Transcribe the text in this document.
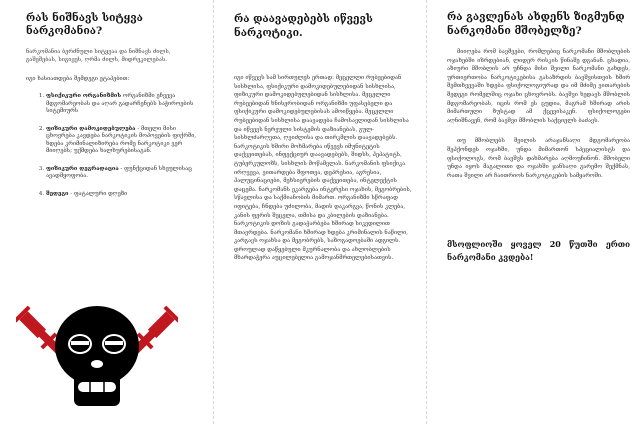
რას ნიშნავს სიტყვა ნარკომანია?

ნარკომანია ბერძნული სიტყვაა და ნიშნავს ძილს, გაშეშებას, სიგიჟეს, ღრმა ძილს, მიდრეკილებას.

იგი ხასიათდება შემდეგი ეტაპებით:

1. ფსიქიკური ორგანიზმის ორგანიზმი ეჩვევა მდგომარეობას და აღარ გადარჩენებს საჭიროების სიტემიურს
2. ფიზიკური დამოკიდებულება - მთელი მისი ცხოვრება კავდება ნარკოტიკის მოპოვების ფიქრში, ხდება კრიმინალიზირება რომე ნარკოტიკი ვერ მიიღებს; უქმდება ხალხურებისაგან.
3. ფიზიკური დეგრადაცია - ფუნქციდან სხეულისაც ავადმყოფობა.
4. შედეგი - ფატალური დღეზი
რა დაავადებებს იწვევს ნარკოტიკი.

იგი იწვევს სამ სირთულეს ერთად: მეცელლი რუბეებიდან სისხლისა, ფსიქიკური დამოკიდებულებიდან სისხლისა, ფიზიკური დამოკიდებულებიდან სისხლისა. მეცელლი რუბეებიდან ხნისერობიდან ორგანიზმი უფასებელი და ფსიქიკური დამოკიდებულებისას ამოიწყება. მეცელლი რუბეებიდან სისხლისა დაავადება ჩამოსავლიდან სისხლისა და იწვევს ნერვული სისტემის დაზიანებას, გულ-სისხლძარღვთა, ღვიძლისა და თირკმლის დაავადებებს. ნარკოტიკის ხშირი მოხმარება იწვევს იმუნიტეტის დაქვეითებას, ინფექციურ დაავადებებს, შიდსს, ჰეპატიტს, ტუბერკულოზს, სისხლის მოწამვლას. ნარკომანის ფსიქიკა ირღვევა, ვითარდება შფოთვა, დეპრესია, აგრესია, ჰალუცინაციები, მეხსიერების დაქვეითება, ინტელექტის დაცემა. ნარკომანს ეკარგება ინტერესი ოჯახის, მეგობრების, სწავლისა და საქმიანობის მიმართ. ორგანიზმი სწრაფად იფიტება, ჩნდება უძილობა, მადის დაკარგვა, წონის კლება, კანის ფერის შეცვლა, თმისა და კბილების დაზიანება. ნარკოტიკის დოზის გადაჭარბება ხშირად სიკვდილით მთავრდება. ნარკომანი ხშირად ხდება კრიმინალის ნაწილი, კარგავს ოჯახსა და მეგობრებს, საზოგადოებაში ადგილს. დროულად დაწყებული მკურნალობა და ახლობლების მხარდაჭერა აუცილებელია გამოჯანმრთელებისათვის.

რა გავლენას ახდენს ზიგმუნდ ნარკომანი მშობელზე?

მიიღება რომ ბავშვები, რომლებიც ნარკომანი მშობლების ოჯახებში იზრდებიან, ლიდერ რისკის წინაშე დგანან. ცხადია, აზიური მშობლის არ უჩნდა მისი შვილი ნარკომანი გახდეს, ურთიერთობა ნარკოტიკებისა გასაზრდის ბავშვისთვის ხშირ შემთხვევაში ხდება ფსიქოლოგიურად და იმ მძიმე ვითარების შედეგი რომელშიც ოჯახი ცხოვრობს. ბავშვი ხედავს მშობლის მდგომარეობას, იცის რომ ეს ცუდია, მაგრამ ხშირად არის მიმართული ზუსტად ამ ქცევისაკენ. ფსიქოლოგები აღნიშნავენ, რომ ბავშვი მშობლის საქციელს ბაძავს.

თუ მშობლებს შვილის არაჯანსაღი მდგომარეობა შეჰქონდეს ოჯახში, უნდა მიმართონ სპეციალისტს და ფსიქოლოგს, რომ ბავშვს დახმარება აღმოუჩინონ. მშობელი უნდა იყოს მაგალითი და ოჯახში ჯანსაღი გარემო შექმნას, რათა შვილი არ ჩაითრიოს ნარკოტიკების სამყაროში.

მსოფლიოში ყოველ 20 წუთში ერთი ნარკომანი კვდება!
